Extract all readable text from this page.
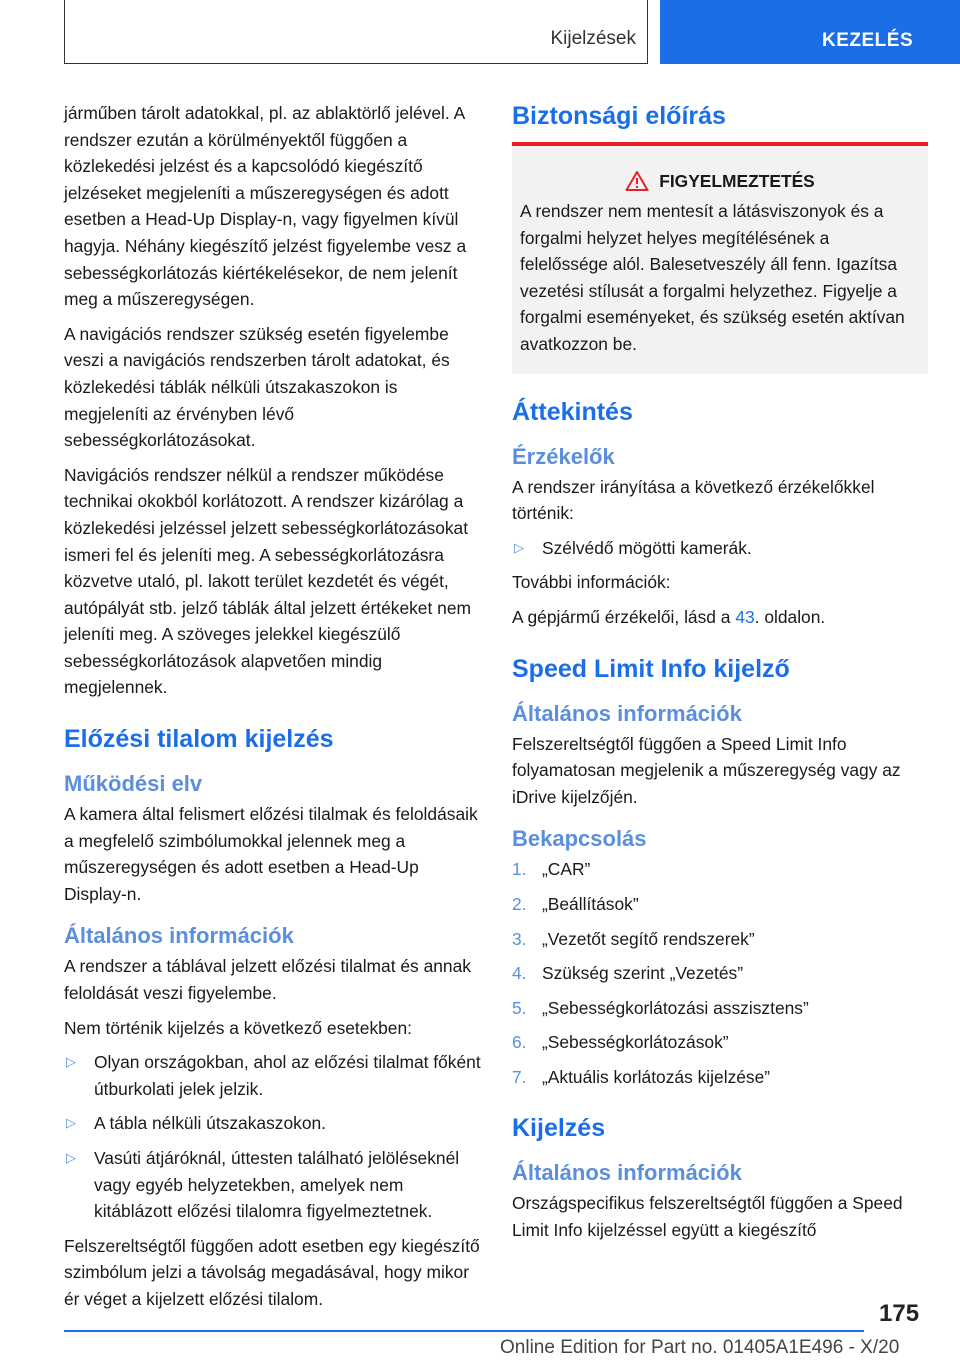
Kijelzések	KEZELÉS

járműben tárolt adatokkal, pl. az ablaktörlő jelével. A rendszer ezután a körülményektől függően a közlekedési jelzést és a kapcsolódó kiegészítő jelzéseket megjeleníti a műszeregységen és adott esetben a Head-Up Display-n, vagy figyelmen kívül hagyja. Néhány kiegészítő jelzést figyelembe vesz a sebességkorlátozás kiértékelésekor, de nem jelenít meg a műszeregységen.

A navigációs rendszer szükség esetén figyelembe veszi a navigációs rendszerben tárolt adatokat, és közlekedési táblák nélküli útszakaszokon is megjeleníti az érvényben lévő sebességkorlátozásokat.

Navigációs rendszer nélkül a rendszer működése technikai okokból korlátozott. A rendszer kizárólag a közlekedési jelzéssel jelzett sebességkorlátozásokat ismeri fel és jeleníti meg. A sebességkorlátozásra közvetve utaló, pl. lakott terület kezdetét és végét, autópályát stb. jelző táblák által jelzett értékeket nem jeleníti meg. A szöveges jelekkel kiegészülő sebességkorlátozások alapvetően mindig megjelennek.

Előzési tilalom kijelzés
Működési elv

A kamera által felismert előzési tilalmak és feloldásaik a megfelelő szimbólumokkal jelennek meg a műszeregységen és adott esetben a Head-Up Display-n.

Általános információk

A rendszer a táblával jelzett előzési tilalmat és annak feloldását veszi figyelembe.

Nem történik kijelzés a következő esetekben:

▷ Olyan országokban, ahol az előzési tilalmat főként útburkolati jelek jelzik.
▷ A tábla nélküli útszakaszokon.
▷ Vasúti átjáróknál, úttesten található jelöléseknél vagy egyéb helyzetekben, amelyek nem kitáblázott előzési tilalomra figyelmeztetnek.

Felszereltségtől függően adott esetben egy kiegészítő szimbólum jelzi a távolság megadásával, hogy mikor ér véget a kijelzett előzési tilalom.

Biztonsági előírás
FIGYELMEZTETÉS

A rendszer nem mentesít a látásviszonyok és a forgalmi helyzet helyes megítélésének a felelőssége alól. Balesetveszély áll fenn. Igazítsa vezetési stílusát a forgalmi helyzethez. Figyelje a forgalmi eseményeket, és szükség esetén aktívan avatkozzon be.

Áttekintés
Érzékelők

A rendszer irányítása a következő érzékelőkkel történik:

▷ Szélvédő mögötti kamerák.

További információk:

A gépjármű érzékelői, lásd a 43. oldalon.

Speed Limit Info kijelző
Általános információk

Felszereltségtől függően a Speed Limit Info folyamatosan megjelenik a műszeregység vagy az iDrive kijelzőjén.

Bekapcsolás
1. „CAR”
2. „Beállítások”
3. „Vezetőt segítő rendszerek”
4. Szükség szerint „Vezetés”
5. „Sebességkorlátozási asszisztens”
6. „Sebességkorlátozások”
7. „Aktuális korlátozás kijelzése”
Kijelzés
Általános információk

Országspecifikus felszereltségtől függően a Speed Limit Info kijelzéssel együtt a kiegészítő

175
Online Edition for Part no. 01405A1E496 - X/20
